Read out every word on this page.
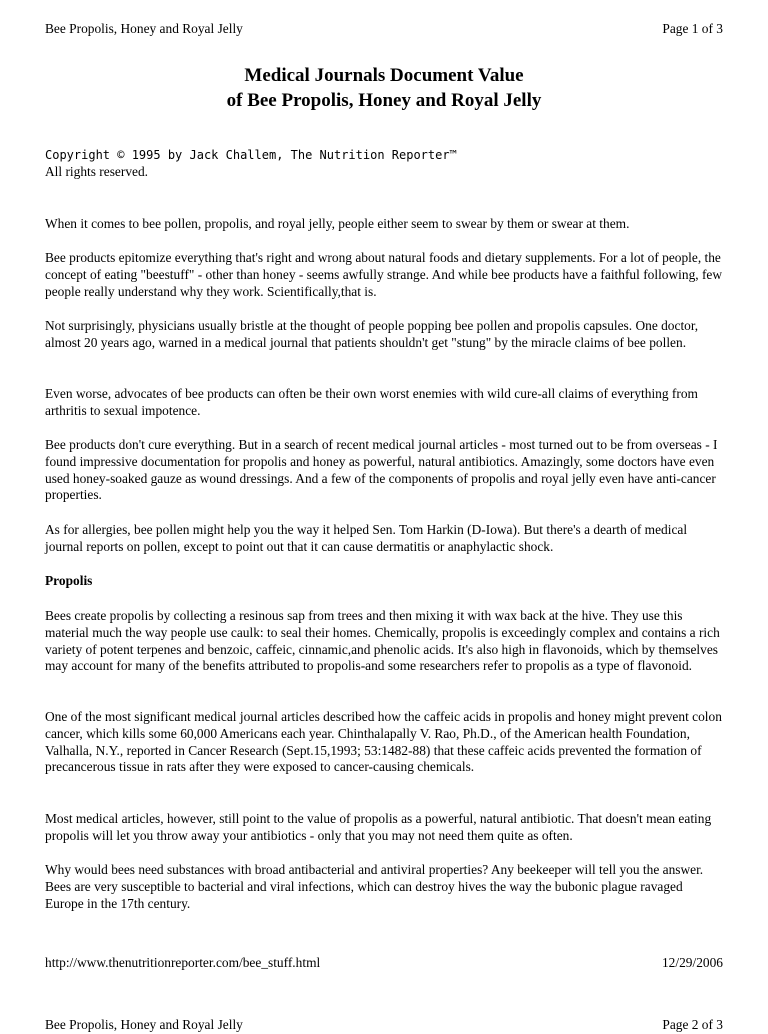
Bee Propolis, Honey and Royal Jelly	Page 1 of 3
Medical Journals Document Value
of Bee Propolis, Honey and Royal Jelly
Copyright © 1995 by Jack Challem, The Nutrition Reporter™
All rights reserved.

When it comes to bee pollen, propolis, and royal jelly, people either seem to swear by them or swear at them.

Bee products epitomize everything that's right and wrong about natural foods and dietary supplements. For a lot of people, the concept of eating "beestuff" - other than honey - seems awfully strange. And while bee products have a faithful following, few people really understand why they work. Scientifically,that is.

Not surprisingly, physicians usually bristle at the thought of people popping bee pollen and propolis capsules. One doctor, almost 20 years ago, warned in a medical journal that patients shouldn't get "stung" by the miracle claims of bee pollen.

Even worse, advocates of bee products can often be their own worst enemies with wild cure-all claims of everything from arthritis to sexual impotence.

Bee products don't cure everything. But in a search of recent medical journal articles - most turned out to be from overseas - I found impressive documentation for propolis and honey as powerful, natural antibiotics. Amazingly, some doctors have even used honey-soaked gauze as wound dressings. And a few of the components of propolis and royal jelly even have anti-cancer properties.

As for allergies, bee pollen might help you the way it helped Sen. Tom Harkin (D-Iowa). But there's a dearth of medical journal reports on pollen, except to point out that it can cause dermatitis or anaphylactic shock.

Propolis

Bees create propolis by collecting a resinous sap from trees and then mixing it with wax back at the hive. They use this material much the way people use caulk: to seal their homes. Chemically, propolis is exceedingly complex and contains a rich variety of potent terpenes and benzoic, caffeic, cinnamic,and phenolic acids. It's also high in flavonoids, which by themselves may account for many of the benefits attributed to propolis-and some researchers refer to propolis as a type of flavonoid.

One of the most significant medical journal articles described how the caffeic acids in propolis and honey might prevent colon cancer, which kills some 60,000 Americans each year. Chinthalapally V. Rao, Ph.D., of the American health Foundation, Valhalla, N.Y., reported in Cancer Research (Sept.15,1993; 53:1482-88) that these caffeic acids prevented the formation of precancerous tissue in rats after they were exposed to cancer-causing chemicals.

Most medical articles, however, still point to the value of propolis as a powerful, natural antibiotic. That doesn't mean eating propolis will let you throw away your antibiotics - only that you may not need them quite as often.

Why would bees need substances with broad antibacterial and antiviral properties? Any beekeeper will tell you the answer. Bees are very susceptible to bacterial and viral infections, which can destroy hives the way the bubonic plague ravaged Europe in the 17th century.

http://www.thenutritionreporter.com/bee_stuff.html	12/29/2006
Bee Propolis, Honey and Royal Jelly	Page 2 of 3
